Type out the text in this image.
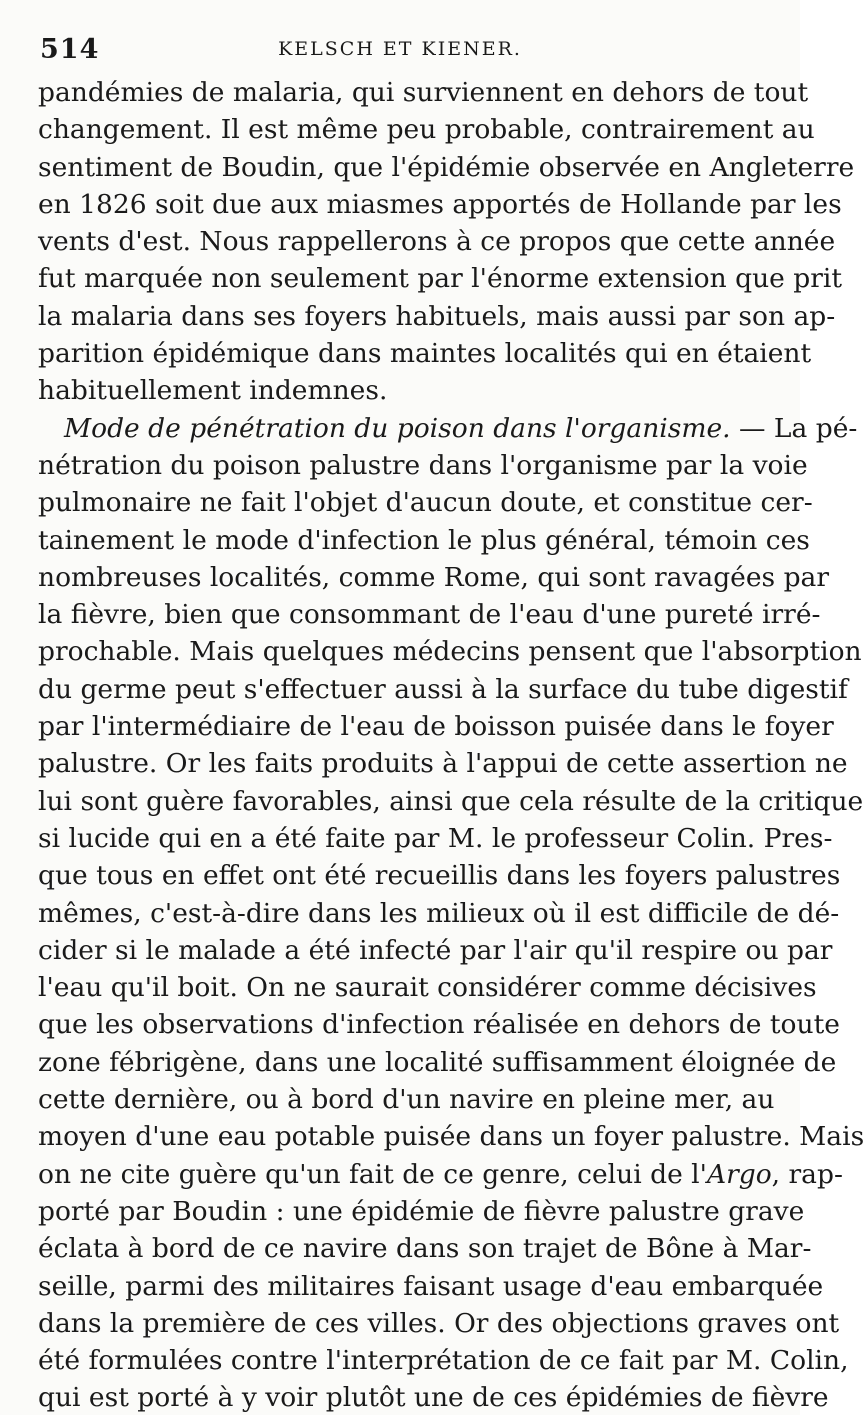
514	KELSCH ET KIENER.
pandémies de malaria, qui surviennent en dehors de tout
changement. Il est même peu probable, contrairement au
sentiment de Boudin, que l'épidémie observée en Angleterre
en 1826 soit due aux miasmes apportés de Hollande par les
vents d'est. Nous rappellerons à ce propos que cette année
fut marquée non seulement par l'énorme extension que prit
la malaria dans ses foyers habituels, mais aussi par son ap-
parition épidémique dans maintes localités qui en étaient
habituellement indemnes.
Mode de pénétration du poison dans l'organisme. — La pé-
nétration du poison palustre dans l'organisme par la voie
pulmonaire ne fait l'objet d'aucun doute, et constitue cer-
tainement le mode d'infection le plus général, témoin ces
nombreuses localités, comme Rome, qui sont ravagées par
la fièvre, bien que consommant de l'eau d'une pureté irré-
prochable. Mais quelques médecins pensent que l'absorption
du germe peut s'effectuer aussi à la surface du tube digestif
par l'intermédiaire de l'eau de boisson puisée dans le foyer
palustre. Or les faits produits à l'appui de cette assertion ne
lui sont guère favorables, ainsi que cela résulte de la critique
si lucide qui en a été faite par M. le professeur Colin. Pres-
que tous en effet ont été recueillis dans les foyers palustres
mêmes, c'est-à-dire dans les milieux où il est difficile de dé-
cider si le malade a été infecté par l'air qu'il respire ou par
l'eau qu'il boit. On ne saurait considérer comme décisives
que les observations d'infection réalisée en dehors de toute
zone fébrigène, dans une localité suffisamment éloignée de
cette dernière, ou à bord d'un navire en pleine mer, au
moyen d'une eau potable puisée dans un foyer palustre. Mais
on ne cite guère qu'un fait de ce genre, celui de l'Argo, rap-
porté par Boudin : une épidémie de fièvre palustre grave
éclata à bord de ce navire dans son trajet de Bône à Mar-
seille, parmi des militaires faisant usage d'eau embarquée
dans la première de ces villes. Or des objections graves ont
été formulées contre l'interprétation de ce fait par M. Colin,
qui est porté à y voir plutôt une de ces épidémies de fièvre
